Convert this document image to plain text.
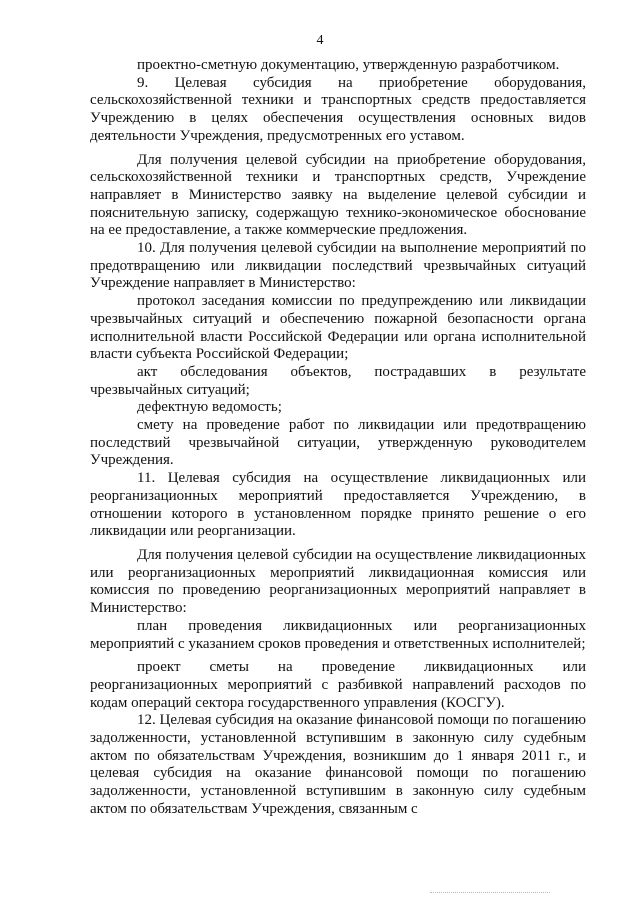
4

проектно-сметную документацию, утвержденную разработчиком.

9. Целевая субсидия на приобретение оборудования, сельскохозяйственной техники и транспортных средств предоставляется Учреждению в целях обеспечения осуществления основных видов деятельности Учреждения, предусмотренных его уставом.

Для получения целевой субсидии на приобретение оборудования, сельскохозяйственной техники и транспортных средств, Учреждение направляет в Министерство заявку на выделение целевой субсидии и пояснительную записку, содержащую технико-экономическое обоснование на ее предоставление, а также коммерческие предложения.

10. Для получения целевой субсидии на выполнение мероприятий по предотвращению или ликвидации последствий чрезвычайных ситуаций Учреждение направляет в Министерство:

протокол заседания комиссии по предупреждению или ликвидации чрезвычайных ситуаций и обеспечению пожарной безопасности органа исполнительной власти Российской Федерации или органа исполнительной власти субъекта Российской Федерации;

акт обследования объектов, пострадавших в результате чрезвычайных ситуаций;

дефектную ведомость;

смету на проведение работ по ликвидации или предотвращению последствий чрезвычайной ситуации, утвержденную руководителем Учреждения.

11. Целевая субсидия на осуществление ликвидационных или реорганизационных мероприятий предоставляется Учреждению, в отношении которого в установленном порядке принято решение о его ликвидации или реорганизации.

Для получения целевой субсидии на осуществление ликвидационных или реорганизационных мероприятий ликвидационная комиссия или комиссия по проведению реорганизационных мероприятий направляет в Министерство:

план проведения ликвидационных или реорганизационных мероприятий с указанием сроков проведения и ответственных исполнителей;

проект сметы на проведение ликвидационных или реорганизационных мероприятий с разбивкой направлений расходов по кодам операций сектора государственного управления (КОСГУ).

12. Целевая субсидия на оказание финансовой помощи по погашению задолженности, установленной вступившим в законную силу судебным актом по обязательствам Учреждения, возникшим до 1 января 2011 г., и целевая субсидия на оказание финансовой помощи по погашению задолженности, установленной вступившим в законную силу судебным актом по обязательствам Учреждения, связанным с
